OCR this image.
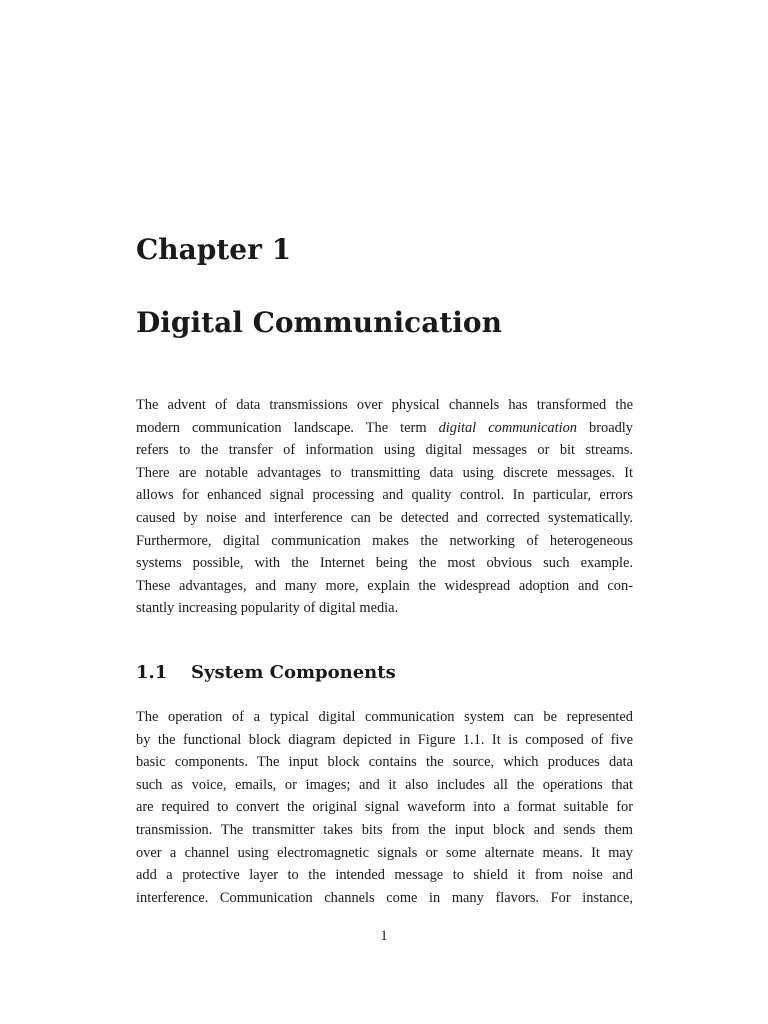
Chapter 1
Digital Communication
The advent of data transmissions over physical channels has transformed the
modern communication landscape. The term digital communication broadly
refers to the transfer of information using digital messages or bit streams.
There are notable advantages to transmitting data using discrete messages. It
allows for enhanced signal processing and quality control. In particular, errors
caused by noise and interference can be detected and corrected systematically.
Furthermore, digital communication makes the networking of heterogeneous
systems possible, with the Internet being the most obvious such example.
These advantages, and many more, explain the widespread adoption and con-
stantly increasing popularity of digital media.
1.1 System Components
The operation of a typical digital communication system can be represented
by the functional block diagram depicted in Figure 1.1. It is composed of five
basic components. The input block contains the source, which produces data
such as voice, emails, or images; and it also includes all the operations that
are required to convert the original signal waveform into a format suitable for
transmission. The transmitter takes bits from the input block and sends them
over a channel using electromagnetic signals or some alternate means. It may
add a protective layer to the intended message to shield it from noise and
interference. Communication channels come in many flavors. For instance,
1
